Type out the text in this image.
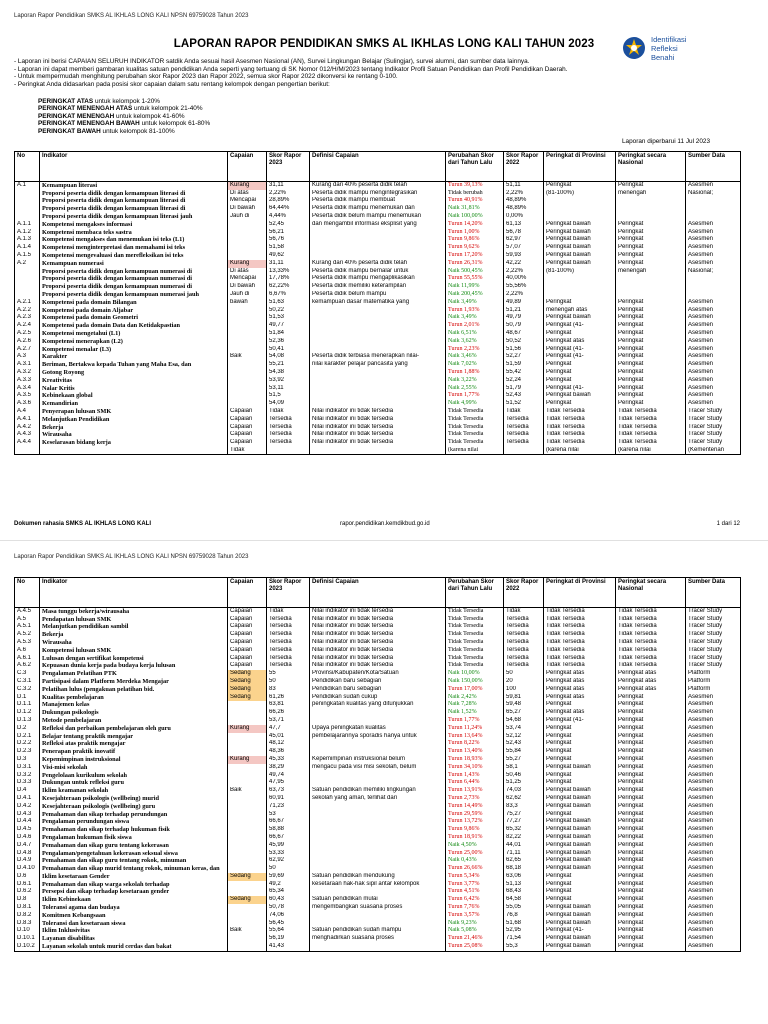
Laporan Rapor Pendidikan SMKS AL IKHLAS LONG KALI NPSN 69759028 Tahun 2023
LAPORAN RAPOR PENDIDIKAN SMKS AL IKHLAS LONG KALI TAHUN 2023	Identifikasi
Refleksi
Benahi
- Laporan ini berisi CAPAIAN SELURUH INDIKATOR satdik Anda sesuai hasil Asesmen Nasional (AN), Survei Lingkungan Belajar (Sulingjar), survei alumni, dan sumber data lainnya.
- Laporan ini dapat memberi gambaran kualitas satuan pendidikan Anda seperti yang tertuang di SK Nomor 012/H/M/2023 tentang Indikator Profil Satuan Pendidikan dan Profil Pendidikan Daerah.
- Untuk mempermudah menghitung perubahan skor Rapor 2023 dan Rapor 2022, semua skor Rapor 2022 dikonversi ke rentang 0-100.
- Peringkat Anda didasarkan pada posisi skor capaian dalam satu rentang kelompok dengan pengertian berikut:
PERINGKAT ATAS untuk kelompok 1-20%
PERINGKAT MENENGAH ATAS untuk kelompok 21-40%
PERINGKAT MENENGAH untuk kelompok 41-60%
PERINGKAT MENENGAH BAWAH untuk kelompok 61-80%
PERINGKAT BAWAH untuk kelompok 81-100%
Laporan diperbarui 11 Jul 2023
No	Indikator	Capaian	Skor Rapor 2023	Definisi Capaian	Perubahan Skor dari Tahun Lalu	Skor Rapor 2022	Peringkat di Provinsi	Peringkat secara Nasional	Sumber Data
A.1	Kemampuan literasi	Kurang	31,11	Kurang dari 40% peserta didik telah	Turun 39,13%	51,11	Peringkat	Peringkat	Asesmen
	Proporsi peserta didik dengan kemampuan literasi di	Di atas	2,22%	Peserta didik mampu mengintegrasikan	Tidak berubah	2,22%	(81-100%)	menengah	Nasional;
	Proporsi peserta didik dengan kemampuan literasi di	Mencapai	28,89%	Peserta didik mampu membuat	Turun 40,91%	48,89%			
	Proporsi peserta didik dengan kemampuan literasi di	Di bawah	64,44%	Peserta didik mampu menemukan dan	Naik 31,81%	48,89%			
	Proporsi peserta didik dengan kemampuan literasi jauh	Jauh di	4,44%	Peserta didik belum mampu menemukan	Naik 100,00%	0,00%			
A.1.1	Kompetensi mengakses informasi		52,45	dan mengambil informasi eksplisit yang	Turun 14,20%	61,13	Peringkat bawah	Peringkat	Asesmen
A.1.2	Kompetensi membaca teks sastra		56,21		Turun 1,00%	56,78	Peringkat bawah	Peringkat	Asesmen
A.1.3	Kompetensi mengakses dan menemukan isi teks (L1)		56,76		Turun 9,86%	62,97	Peringkat bawah	Peringkat	Asesmen
A.1.4	Kompetensi menginterpretasi dan memahami isi teks		51,58		Turun 9,62%	57,07	Peringkat bawah	Peringkat	Asesmen
A.1.5	Kompetensi mengevaluasi dan merefleksikan isi teks		49,62		Turun 17,20%	59,93	Peringkat bawah	Peringkat	Asesmen
A.2	Kemampuan numerasi	Kurang	31,11	Kurang dari 40% peserta didik telah	Turun 26,31%	42,22	Peringkat bawah	Peringkat	Asesmen
	Proporsi peserta didik dengan kemampuan numerasi di	Di atas	13,33%	Peserta didik mampu bernalar untuk	Naik 500,45%	2,22%	(81-100%)	menengah	Nasional;
	Proporsi peserta didik dengan kemampuan numerasi di	Mencapai	17,78%	Peserta didik mampu mengaplikasikan	Turun 55,55%	40,00%			
	Proporsi peserta didik dengan kemampuan numerasi di	Di bawah	62,22%	Peserta didik memiliki keterampilan	Naik 11,99%	55,56%			
	Proporsi peserta didik dengan kemampuan numerasi jauh	Jauh di	6,67%	Peserta didik belum mampu	Naik 200,45%	2,22%			
A.2.1	Kompetensi pada domain Bilangan	bawah	51,63	kemampuan dasar matematika yang	Naik 3,49%	49,89	Peringkat	Peringkat	Asesmen
A.2.2	Kompetensi pada domain Aljabar		50,22		Turun 1,93%	51,21	menengah atas	Peringkat	Asesmen
A.2.3	Kompetensi pada domain Geometri		51,53		Naik 3,49%	49,79	Peringkat bawah	Peringkat	Asesmen
A.2.4	Kompetensi pada domain Data dan Ketidakpastian		49,77		Turun 2,01%	50,79	Peringkat (41-	Peringkat	Asesmen
A.2.5	Kompetensi mengetahui (L1)		51,84		Naik 6,51%	48,67	Peringkat	Peringkat	Asesmen
A.2.6	Kompetensi menerapkan (L2)		52,36		Naik 3,62%	50,52	Peringkat atas	Peringkat	Asesmen
A.2.7	Kompetensi menalar (L3)		50,41		Turun 2,23%	51,56	Peringkat (41-	Peringkat	Asesmen
A.3	Karakter	Baik	54,08	Peserta didik terbiasa menerapkan nilai-	Naik 3,46%	52,27	Peringkat (41-	Peringkat	Asesmen
A.3.1	Beriman, Bertakwa kepada Tuhan yang Maha Esa, dan		55,21	nilai karakter pelajar pancasita yang	Naik 7,02%	51,59	Peringkat	Peringkat	Asesmen
A.3.2	Gotong Royong		54,38		Turun 1,88%	55,42	Peringkat	Peringkat	Asesmen
A.3.3	Kreativitas		53,92		Naik 3,22%	52,24	Peringkat	Peringkat	Asesmen
A.3.4	Nalar Kritis		53,11		Naik 2,55%	51,79	Peringkat (41-	Peringkat	Asesmen
A.3.5	Kebinekaan global		51,5		Turun 1,77%	52,43	Peringkat bawah	Peringkat	Asesmen
A.3.6	Kemandirian		54,09		Naik 4,99%	51,52	Peringkat	Peringkat	Asesmen
A.4	Penyerapan lulusan SMK	Capaian	Tidak	Nilai indikator ini tidak tersedia	Tidak Tersedia	Tidak	Tidak Tersedia	Tidak Tersedia	Tracer Study
A.4.1	Melanjutkan Pendidikan	Capaian	Tersedia	Nilai indikator ini tidak tersedia	Tidak Tersedia	Tersedia	Tidak Tersedia	Tidak Tersedia	Tracer Study
A.4.2	Bekerja	Capaian	Tersedia	Nilai indikator ini tidak tersedia	Tidak Tersedia	Tersedia	Tidak Tersedia	Tidak Tersedia	Tracer Study
A.4.3	Wirausaha	Capaian	Tersedia	Nilai indikator ini tidak tersedia	Tidak Tersedia	Tersedia	Tidak Tersedia	Tidak Tersedia	Tracer Study
A.4.4	Keselarasan bidang kerja	Capaian	Tersedia	Nilai indikator ini tidak tersedia	Tidak Tersedia	Tersedia	Tidak Tersedia	Tidak Tersedia	Tracer Study
		Tidak			(karena nilai		(karena nilai	(karena nilai	(Kementerian
Dokumen rahasia SMKS AL IKHLAS LONG KALI	rapor.pendidikan.kemdikbud.go.id	1 dari 12
Laporan Rapor Pendidikan SMKS AL IKHLAS LONG KALI NPSN 69759028 Tahun 2023
No	Indikator	Capaian	Skor Rapor 2023	Definisi Capaian	Perubahan Skor dari Tahun Lalu	Skor Rapor 2022	Peringkat di Provinsi	Peringkat secara Nasional	Sumber Data
A.4.5	Masa tunggu bekerja/wirausaha	Capaian	Tidak	Nilai indikator ini tidak tersedia	Tidak Tersedia	Tidak	Tidak Tersedia	Tidak Tersedia	Tracer Study
A.5	Pendapatan lulusan SMK	Capaian	Tersedia	Nilai indikator ini tidak tersedia	Tidak Tersedia	Tersedia	Tidak Tersedia	Tidak Tersedia	Tracer Study
A.5.1	Melanjutkan pendidikan sambil	Capaian	Tersedia	Nilai indikator ini tidak tersedia	Tidak Tersedia	Tersedia	Tidak Tersedia	Tidak Tersedia	Tracer Study
A.5.2	Bekerja	Capaian	Tersedia	Nilai indikator ini tidak tersedia	Tidak Tersedia	Tersedia	Tidak Tersedia	Tidak Tersedia	Tracer Study
A.5.3	Wirausaha	Capaian	Tersedia	Nilai indikator ini tidak tersedia	Tidak Tersedia	Tersedia	Tidak Tersedia	Tidak Tersedia	Tracer Study
A.6	Kompetensi lulusan SMK	Capaian	Tersedia	Nilai indikator ini tidak tersedia	Tidak Tersedia	Tersedia	Tidak Tersedia	Tidak Tersedia	Tracer Study
A.6.1	Lulusan dengan sertifikat kompetensi	Capaian	Tersedia	Nilai indikator ini tidak tersedia	Tidak Tersedia	Tersedia	Tidak Tersedia	Tidak Tersedia	Tracer Study
A.6.2	Kepuasan dunia kerja pada budaya kerja lulusan	Capaian	Tersedia	Nilai indikator ini tidak tersedia	Tidak Tersedia	Tersedia	Tidak Tersedia	Tidak Tersedia	Tracer Study
C.3	Pengalaman Pelatihan PTK	Sedang	55	Provinsi/Kabupaten/Kota/Satuan	Naik 10,00%	50	Peringkat atas	Peringkat atas	Platform
C.3.1	Partisipasi dalam Platform Merdeka Mengajar	Sedang	50	Pendidikan baru sebagian	Naik 150,00%	20	Peringkat atas	Peringkat atas	Platform
C.3.2	Pelatihan lulus (pengakuan pelatihan bid.	Sedang	83	Pendidikan baru sebagian	Turun 17,00%	100	Peringkat atas	Peringkat atas	Platform
D.1	Kualitas pembelajaran	Sedang	61,26	Pendidikan sudah cukup	Naik 2,42%	59,81	Peringkat atas	Peringkat	Asesmen
D.1.1	Manajemen kelas		63,81	peningkatan kualitas yang ditunjukkan	Naik 7,28%	59,48	Peringkat	Peringkat	Asesmen
D.1.2	Dukungan psikologis		66,26		Naik 1,52%	65,27	Peringkat atas	Peringkat	Asesmen
D.1.3	Metode pembelajaran		53,71		Turun 1,77%	54,68	Peringkat (41-	Peringkat	Asesmen
D.2	Refleksi dan perbaikan pembelajaran oleh guru	Kurang	47,7	Upaya peningkatan kualitas	Turun 11,24%	53,74	Peringkat	Peringkat	Asesmen
D.2.1	Belajar tentang praktik mengajar		45,01	pembelajarannya sporadis hanya untuk	Turun 13,64%	52,12	Peringkat	Peringkat	Asesmen
D.2.2	Refleksi atas praktik mengajar		48,12		Turun 8,22%	52,43	Peringkat	Peringkat	Asesmen
D.2.3	Penerapan praktik inovatif		48,36		Turun 13,40%	55,84	Peringkat	Peringkat	Asesmen
D.3	Kepemimpinan instruksional	Kurang	45,33	Kepemimpinan instruksional belum	Turun 18,93%	55,27	Peringkat	Peringkat	Asesmen
D.3.1	Visi-misi sekolah		38,29	mengacu pada visi misi sekolah, belum	Turun 34,10%	58,1	Peringkat bawah	Peringkat	Asesmen
D.3.2	Pengelolaan kurikulum sekolah		49,74		Turun 1,43%	50,46	Peringkat	Peringkat	Asesmen
D.3.3	Dukungan untuk refleksi guru		47,95		Turun 6,44%	51,25	Peringkat	Peringkat	Asesmen
D.4	Iklim keamanan sekolah	Baik	63,73	Satuan pendidikan memiliki lingkungan	Turun 13,91%	74,03	Peringkat bawah	Peringkat	Asesmen
D.4.1	Kesejahteraan psikologis (wellbeing) murid		60,91	sekolah yang aman, terlihat dari	Turun 2,73%	62,62	Peringkat bawah	Peringkat	Asesmen
D.4.2	Kesejahteraan psikologis (wellbeing) guru		71,23		Turun 14,49%	83,3	Peringkat bawah	Peringkat	Asesmen
D.4.3	Pemahaman dan sikap terhadap perundungan		53		Turun 29,59%	75,27	Peringkat	Peringkat	Asesmen
D.4.4	Pengalaman perundungan siswa		66,67		Turun 13,72%	77,27	Peringkat bawah	Peringkat	Asesmen
D.4.5	Pemahaman dan sikap terhadap hukuman fisik		58,88		Turun 9,86%	65,32	Peringkat bawah	Peringkat	Asesmen
D.4.6	Pengalaman hukuman fisik siswa		66,67		Turun 18,91%	82,22	Peringkat bawah	Peringkat	Asesmen
D.4.7	Pemahaman dan sikap guru tentang kekerasan		45,99		Naik 4,50%	44,01	Peringkat bawah	Peringkat	Asesmen
D.4.8	Pengalaman/pengetahuan kekerasan seksual siswa		53,33		Turun 25,00%	71,11	Peringkat bawah	Peringkat	Asesmen
D.4.9	Pemahaman dan sikap guru tentang rokok, minuman		62,92		Naik 0,43%	62,65	Peringkat bawah	Peringkat	Asesmen
D.4.10	Pemahaman dan sikap murid tentang rokok, minuman keras, dan		50		Turun 26,66%	68,18	Peringkat bawah	Peringkat	Asesmen
D.6	Iklim kesetaraan Gender	Sedang	59,69	Satuan pendidikan mendukung	Turun 5,34%	63,06	Peringkat	Peringkat	Asesmen
D.6.1	Pemahaman dan sikap warga sekolah terhadap		49,2	kesetaraan hak-hak sipil antar kelompok	Turun 3,77%	51,13	Peringkat	Peringkat	Asesmen
D.6.2	Persepsi dan sikap terhadap kesetaraan gender		65,34		Turun 4,51%	68,43	Peringkat	Peringkat	Asesmen
D.8	Iklim Kebinekaan	Sedang	60,43	Satuan pendidikan mulai	Turun 6,42%	64,58	Peringkat	Peringkat	Asesmen
D.8.1	Toleransi agama dan budaya		50,78	mengembangkan suasana proses	Turun 7,76%	55,05	Peringkat bawah	Peringkat	Asesmen
D.8.2	Komitmen Kebangsaan		74,06		Turun 3,57%	76,8	Peringkat bawah	Peringkat	Asesmen
D.8.3	Toleransi dan kesetaraan siswa		56,45		Naik 9,23%	51,68	Peringkat bawah	Peringkat	Asesmen
D.10	Iklim Inklusivitas	Baik	55,64	Satuan pendidikan sudah mampu	Naik 5,08%	52,95	Peringkat (41-	Peringkat	Asesmen
D.10.1	Layanan disabilitas		56,19	menghadirkan suasana proses	Turun 21,46%	71,54	Peringkat bawah	Peringkat	Asesmen
D.10.2	Layanan sekolah untuk murid cerdas dan bakat		41,43		Turun 25,08%	55,3	Peringkat bawah	Peringkat	Asesmen
